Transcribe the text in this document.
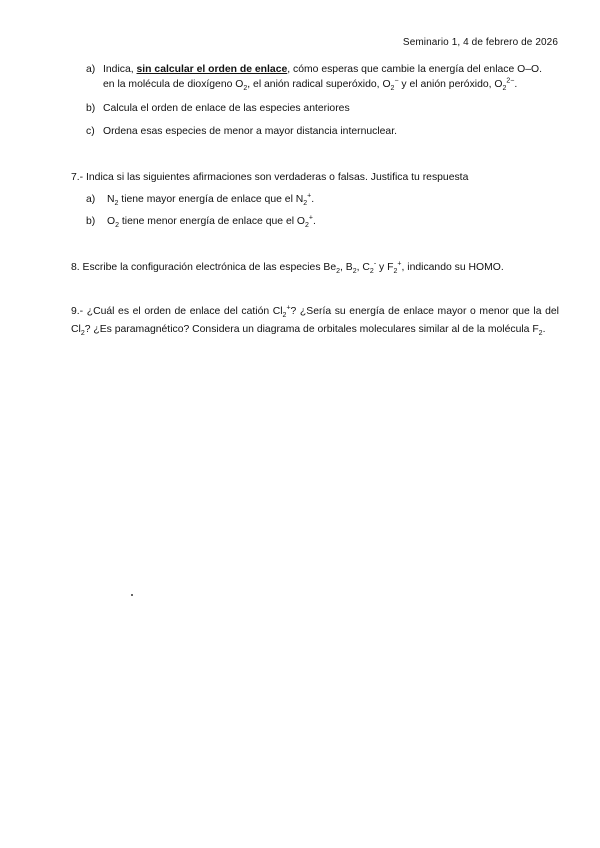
Seminario 1, 4 de febrero de 2026
a) Indica, sin calcular el orden de enlace, cómo esperas que cambie la energía del enlace O–O.
en la molécula de dioxígeno $O_2$, el anión radical superóxido, $O_2^-$ y el anión peróxido, $O_2^{2-}$.
b) Calcula el orden de enlace de las especies anteriores
c) Ordena esas especies de menor a mayor distancia internuclear.
7.- Indica si las siguientes afirmaciones son verdaderas o falsas. Justifica tu respuesta
a) $N_2$ tiene mayor energía de enlace que el $N_2^+$.
b) $O_2$ tiene menor energía de enlace que el $O_2^+$.
8. Escribe la configuración electrónica de las especies $Be_2$, $B_2$, $C_2^-$ y $F_2^+$, indicando su HOMO.
9.- ¿Cuál es el orden de enlace del catión $Cl_2^+$? ¿Sería su energía de enlace mayor o menor que la del $Cl_2$? ¿Es paramagnético? Considera un diagrama de orbitales moleculares similar al de la molécula $F_2$.
